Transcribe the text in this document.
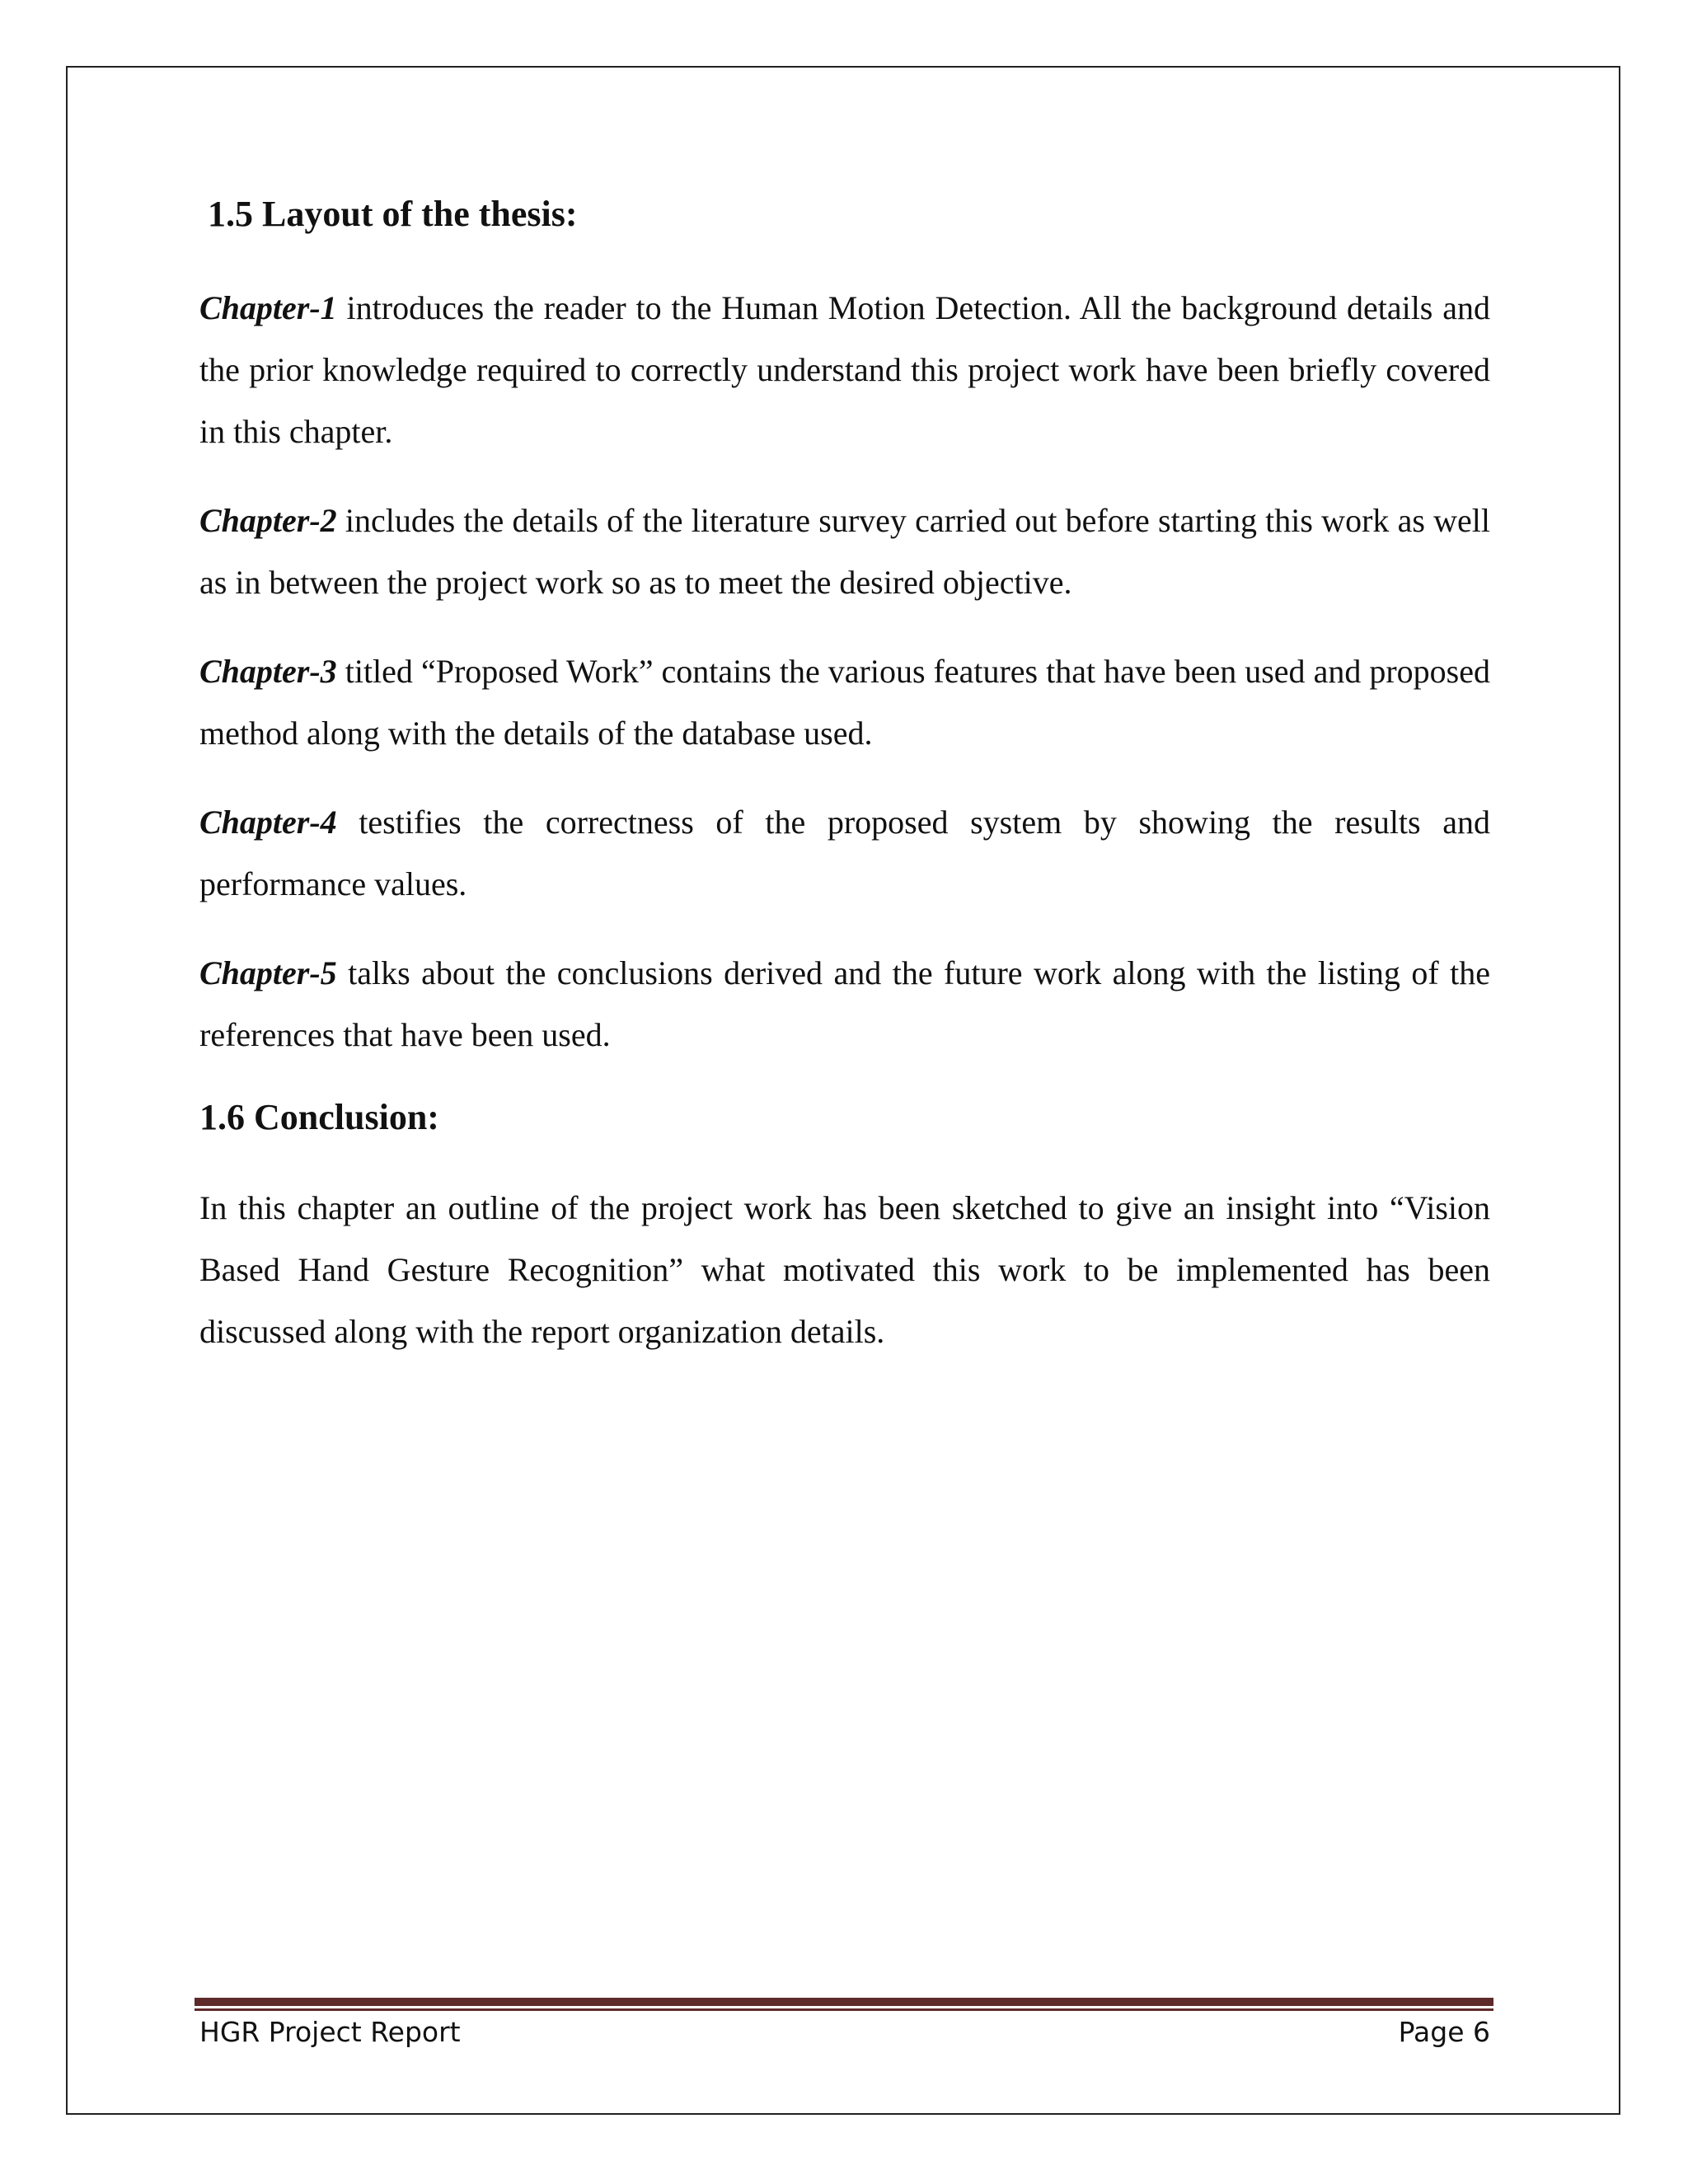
1.5 Layout of the thesis:

Chapter-1 introduces the reader to the Human Motion Detection. All the background details and the prior knowledge required to correctly understand this project work have been briefly covered in this chapter.

Chapter-2 includes the details of the literature survey carried out before starting this work as well as in between the project work so as to meet the desired objective.

Chapter-3 titled “Proposed Work” contains the various features that have been used and proposed method along with the details of the database used.

Chapter-4 testifies the correctness of the proposed system by showing the results and performance values.

Chapter-5 talks about the conclusions derived and the future work along with the listing of the references that have been used.

1.6 Conclusion:

In this chapter an outline of the project work has been sketched to give an insight into “Vision Based Hand Gesture Recognition” what motivated this work to be implemented has been discussed along with the report organization details.

HGR Project Report	Page 6
